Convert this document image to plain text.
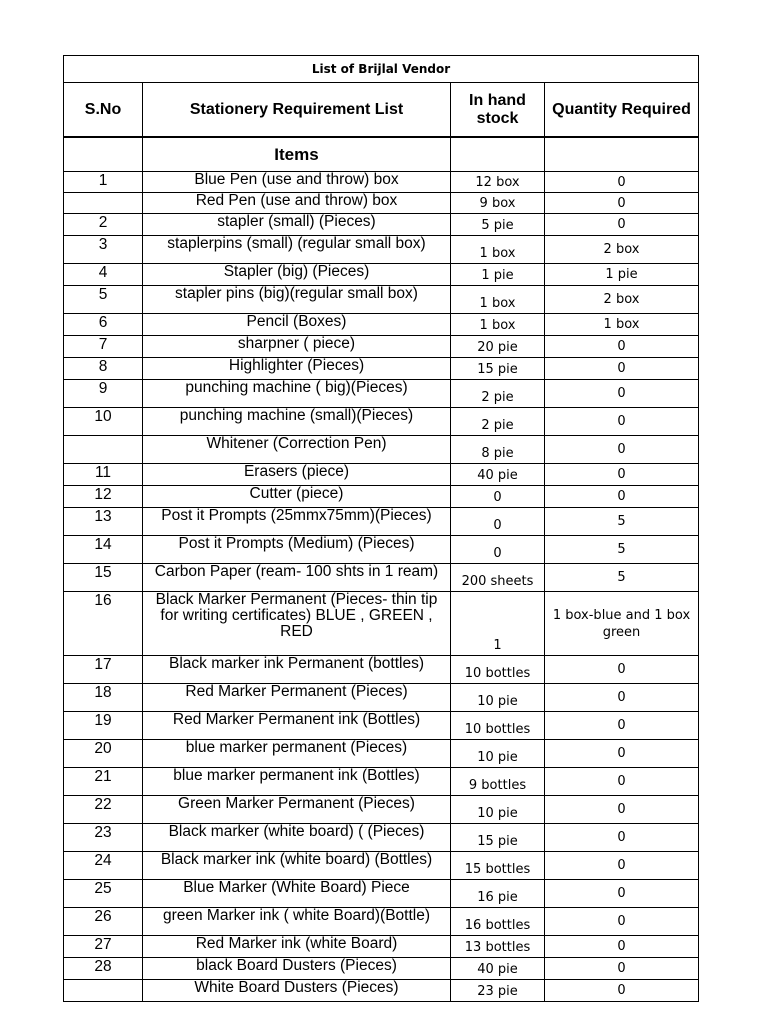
List of Brijlal Vendor			
S.No	Stationery Requirement List	In hand stock	Quantity Required
	Items		
1	Blue Pen (use and throw) box	12 box	0
	Red Pen (use and throw) box	9 box	0
2	stapler (small) (Pieces)	5 pie	0
3	staplerpins (small) (regular small box)	1 box	2 box
4	Stapler (big) (Pieces)	1 pie	1 pie
5	stapler pins (big)(regular small box)	1 box	2 box
6	Pencil (Boxes)	1 box	1 box
7	sharpner ( piece)	20 pie	0
8	Highlighter (Pieces)	15 pie	0
9	punching machine ( big)(Pieces)	2 pie	0
10	punching machine (small)(Pieces)	2 pie	0
	Whitener (Correction Pen)	8 pie	0
11	Erasers (piece)	40 pie	0
12	Cutter (piece)	0	0
13	Post it Prompts (25mmx75mm)(Pieces)	0	5
14	Post it Prompts (Medium) (Pieces)	0	5
15	Carbon Paper (ream- 100 shts in 1 ream)	200 sheets	5
16	Black Marker Permanent (Pieces- thin tip for writing certificates) BLUE , GREEN , RED	1	1 box-blue and 1 box green
17	Black marker ink Permanent (bottles)	10 bottles	0
18	Red Marker Permanent (Pieces)	10 pie	0
19	Red Marker Permanent ink (Bottles)	10 bottles	0
20	blue marker permanent (Pieces)	10 pie	0
21	blue marker permanent ink (Bottles)	9 bottles	0
22	Green Marker Permanent (Pieces)	10 pie	0
23	Black marker (white board) ( (Pieces)	15 pie	0
24	Black marker ink (white board) (Bottles)	15 bottles	0
25	Blue Marker (White Board) Piece	16 pie	0
26	green Marker ink ( white Board)(Bottle)	16 bottles	0
27	Red Marker ink (white Board)	13 bottles	0
28	black Board Dusters (Pieces)	40 pie	0
	White Board Dusters (Pieces)	23 pie	0
